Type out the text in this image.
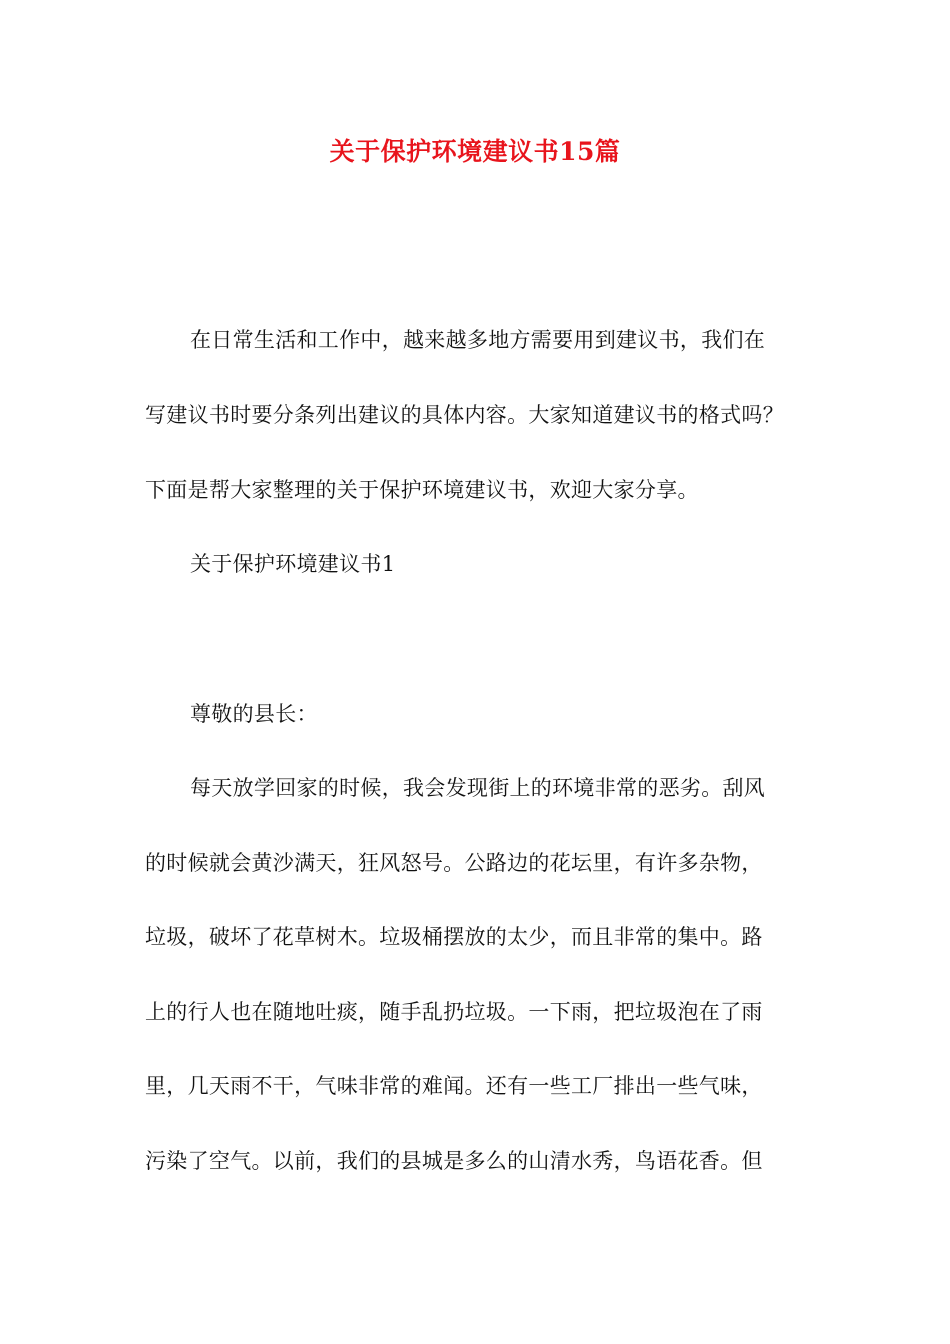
关于保护环境建议书15篇
在日常生活和工作中，越来越多地方需要用到建议书，我们在
写建议书时要分条列出建议的具体内容。大家知道建议书的格式吗？
下面是帮大家整理的关于保护环境建议书，欢迎大家分享。
关于保护环境建议书1
尊敬的县长：
每天放学回家的时候，我会发现街上的环境非常的恶劣。刮风
的时候就会黄沙满天，狂风怒号。公路边的花坛里，有许多杂物，
垃圾，破坏了花草树木。垃圾桶摆放的太少，而且非常的集中。路
上的行人也在随地吐痰，随手乱扔垃圾。一下雨，把垃圾泡在了雨
里，几天雨不干，气味非常的难闻。还有一些工厂排出一些气味，
污染了空气。以前，我们的县城是多么的山清水秀，鸟语花香。但
